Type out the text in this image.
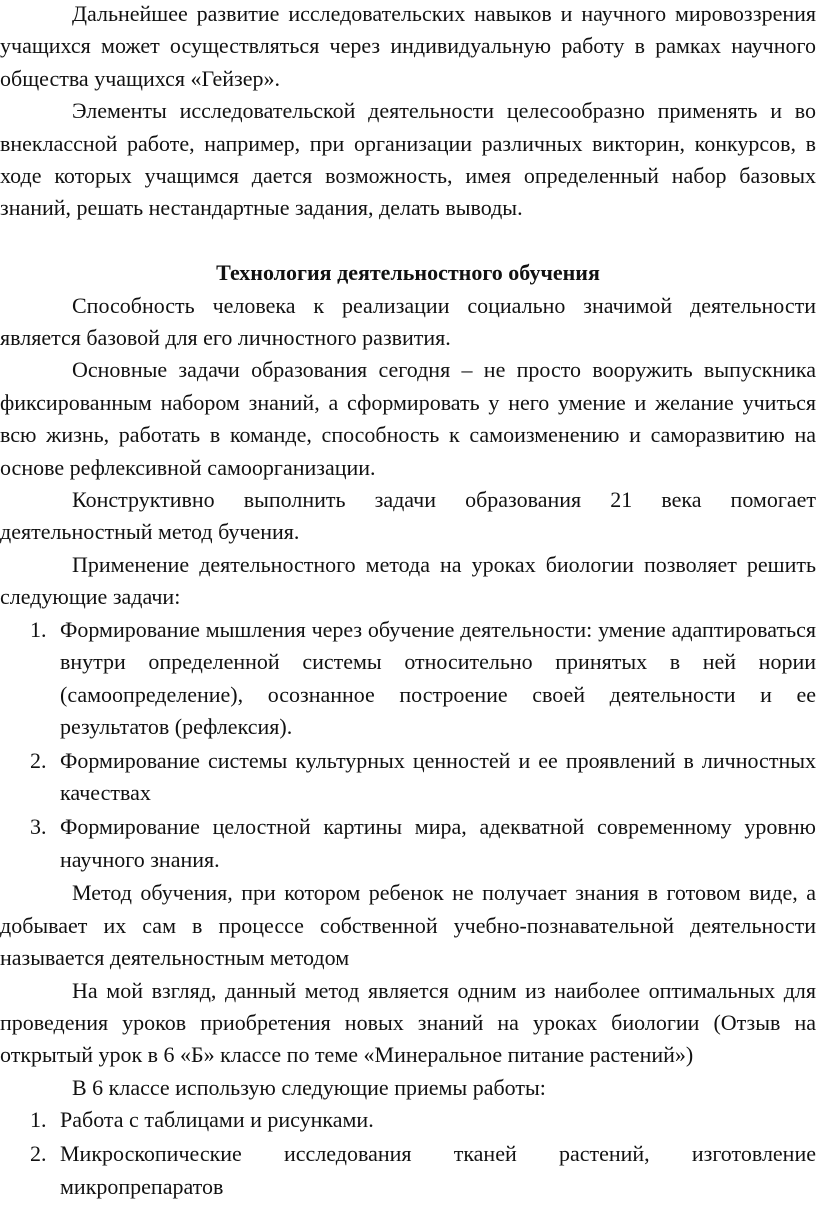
Дальнейшее развитие исследовательских навыков и научного мировоззрения учащихся может осуществляться через индивидуальную работу в рамках научного общества учащихся «Гейзер».

Элементы исследовательской деятельности целесообразно применять и во внеклассной работе, например, при организации различных викторин, конкурсов, в ходе которых учащимся дается возможность, имея определенный набор базовых знаний, решать нестандартные задания, делать выводы.

Технология деятельностного обучения

Способность человека к реализации социально значимой деятельности является базовой для его личностного развития.

Основные задачи образования сегодня – не просто вооружить выпускника фиксированным набором знаний, а сформировать у него умение и желание учиться всю жизнь, работать в команде, способность к самоизменению и саморазвитию на основе рефлексивной самоорганизации.

Конструктивно выполнить задачи образования 21 века помогает деятельностный метод бучения.

Применение деятельностного метода на уроках биологии позволяет решить следующие задачи:

1. Формирование мышления через обучение деятельности: умение адаптироваться внутри определенной системы относительно принятых в ней нории (самоопределение), осознанное построение своей деятельности и ее результатов (рефлексия).
2. Формирование системы культурных ценностей и ее проявлений в личностных качествах
3. Формирование целостной картины мира, адекватной современному уровню научного знания.

Метод обучения, при котором ребенок не получает знания в готовом виде, а добывает их сам в процессе собственной учебно-познавательной деятельности называется деятельностным методом

На мой взгляд, данный метод является одним из наиболее оптимальных для проведения уроков приобретения новых знаний на уроках биологии (Отзыв на открытый урок в 6 «Б» классе по теме «Минеральное питание растений»)

В 6 классе использую следующие приемы работы:

1. Работа с таблицами и рисунками.
2. Микроскопические исследования тканей растений, изготовление микропрепаратов
